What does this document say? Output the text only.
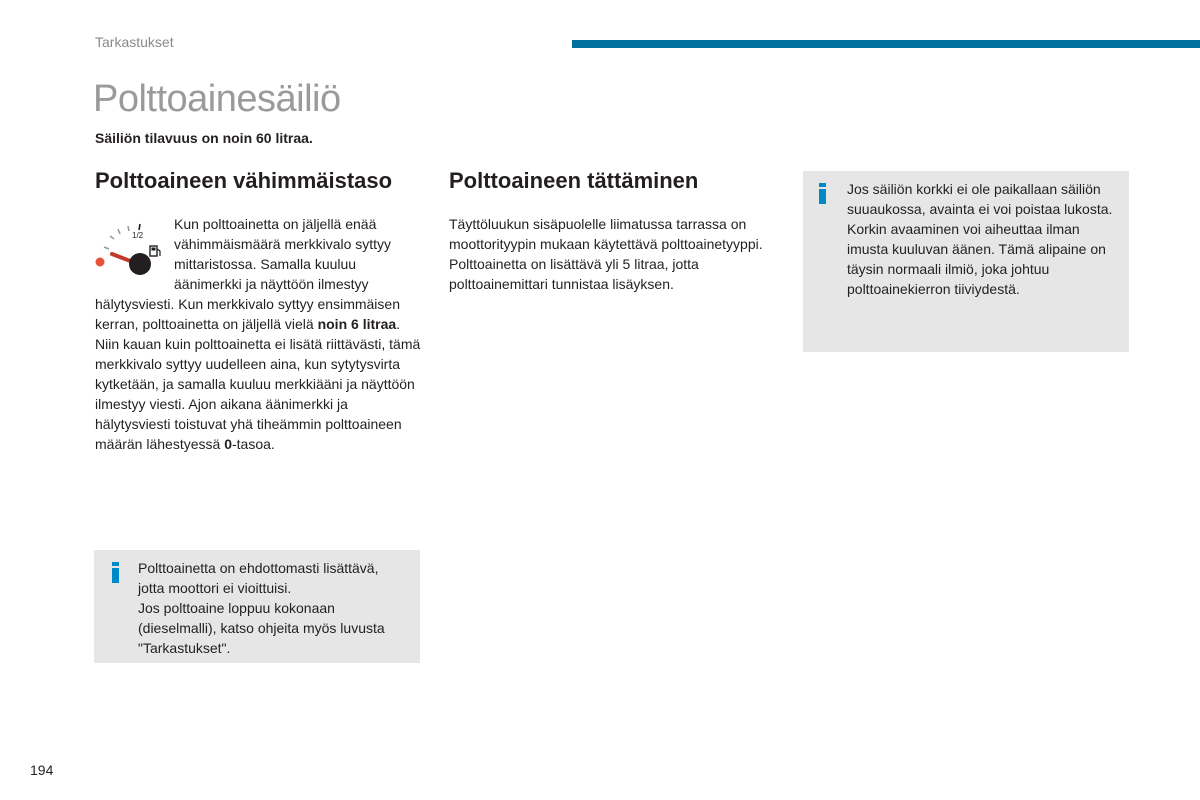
Tarkastukset
Polttoainesäiliö
Säiliön tilavuus on noin 60 litraa.
Polttoaineen vähimmäistaso	Polttoaineen tättäminen
1/2

Kun polttoainetta on jäljellä enää vähimmäismäärä merkkivalo syttyy mittaristossa. Samalla kuuluu äänimerkki ja näyttöön ilmestyy hälytysviesti. Kun merkkivalo syttyy ensimmäisen kerran, polttoainetta on jäljellä vielä noin 6 litraa.

Niin kauan kuin polttoainetta ei lisätä riittävästi, tämä merkkivalo syttyy uudelleen aina, kun sytytysvirta kytketään, ja samalla kuuluu merkkiääni ja näyttöön ilmestyy viesti. Ajon aikana äänimerkki ja hälytysviesti toistuvat yhä tiheämmin polttoaineen määrän lähestyessä 0-tasoa.

Täyttöluukun sisäpuolelle liimatussa tarrassa on moottorityypin mukaan käytettävä polttoainetyyppi.

Polttoainetta on lisättävä yli 5 litraa, jotta polttoainemittari tunnistaa lisäyksen.

Jos säiliön korkki ei ole paikallaan säiliön suuaukossa, avainta ei voi poistaa lukosta.

Korkin avaaminen voi aiheuttaa ilman imusta kuuluvan äänen. Tämä alipaine on täysin normaali ilmiö, joka johtuu polttoainekierron tiiviydestä.

Polttoainetta on ehdottomasti lisättävä, jotta moottori ei vioittuisi.

Jos polttoaine loppuu kokonaan (dieselmalli), katso ohjeita myös luvusta "Tarkastukset".

194
